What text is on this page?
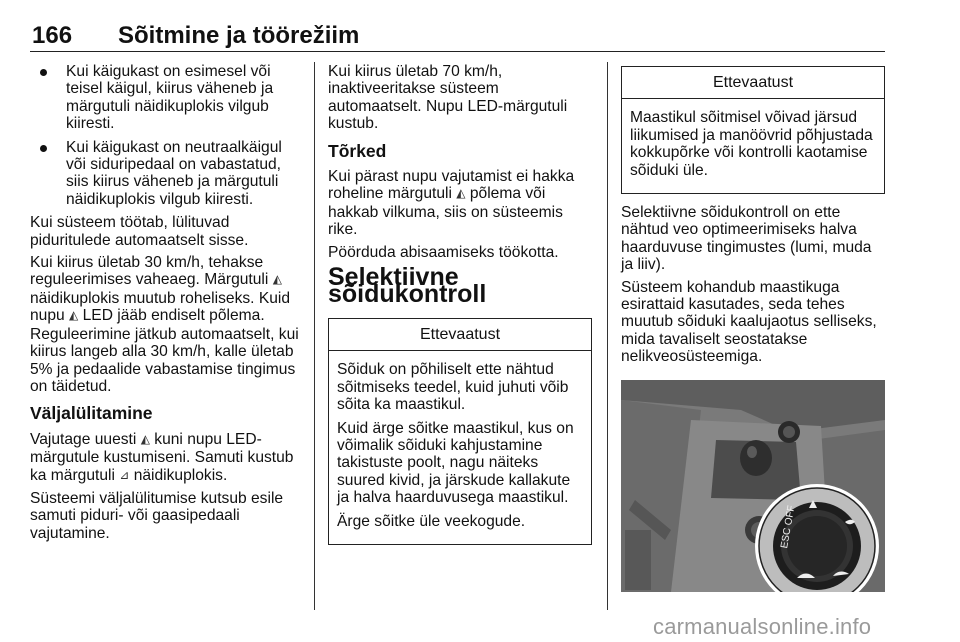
166 Sõitmine ja töörežiim
Kui käigukast on esimesel või teisel käigul, kiirus väheneb ja märgutuli näidikuplokis vilgub kiiresti.
Kui käigukast on neutraalkäigul või siduripedaal on vabastatud, siis kiirus väheneb ja märgutuli näidikuplokis vilgub kiiresti.

Kui süsteem töötab, lülituvad piduritulede automaatselt sisse.

Kui kiirus ületab 30 km/h, tehakse reguleerimises vaheaeg. Märgutuli ◭ näidikuplokis muutub roheliseks. Kuid nupu ◭ LED jääb endiselt põlema. Reguleerimine jätkub automaatselt, kui kiirus langeb alla 30 km/h, kalle ületab 5% ja pedaalide vabastamise tingimus on täidetud.

Väljalülitamine

Vajutage uuesti ◭ kuni nupu LED-märgutule kustumiseni. Samuti kustub ka märgutuli ⊿ näidikuplokis.

Süsteemi väljalülitumise kutsub esile samuti piduri- või gaasipedaali vajutamine.

Kui kiirus ületab 70 km/h, inaktiveeritakse süsteem automaatselt. Nupu LED-märgutuli kustub.

Tõrked

Kui pärast nupu vajutamist ei hakka roheline märgutuli ◭ põlema või hakkab vilkuma, siis on süsteemis rike.

Pöörduda abisaamiseks töökotta.

Selektiivne sõidukontroll
Ettevaatust

Sõiduk on põhiliselt ette nähtud sõitmiseks teedel, kuid juhuti võib sõita ka maastikul.

Kuid ärge sõitke maastikul, kus on võimalik sõiduki kahjustamine takistuste poolt, nagu näiteks suured kivid, ja järskude kallakute ja halva haarduvusega maastikul.

Ärge sõitke üle veekogude.

Ettevaatust

Maastikul sõitmisel võivad järsud liikumised ja manöövrid põhjustada kokkupõrke või kontrolli kaotamise sõiduki üle.

Selektiivne sõidukontroll on ette nähtud veo optimeerimiseks halva haarduvuse tingimustes (lumi, muda ja liiv).

Süsteem kohandub maastikuga esirattaid kasutades, seda tehes muutub sõiduki kaalujaotus selliseks, mida tavaliselt seostatakse nelikveosüsteemiga.

ESC OFF
carmanualsonline.info
